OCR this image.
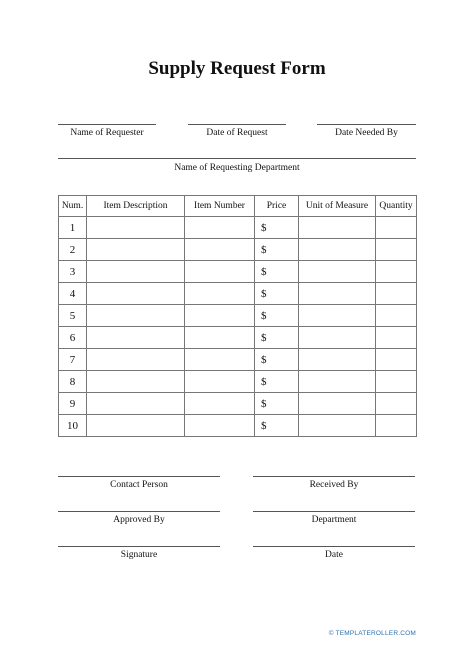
Supply Request Form
Name of Requester	Date of Request	Date Needed By
Name of Requesting Department
Num.	Item Description	Item Number	Price	Unit of Measure	Quantity
1			$		
2			$		
3			$		
4			$		
5			$		
6			$		
7			$		
8			$		
9			$		
10			$		
Contact Person	Received By
Approved By	Department
Signature	Date
© TEMPLATEROLLER.COM
